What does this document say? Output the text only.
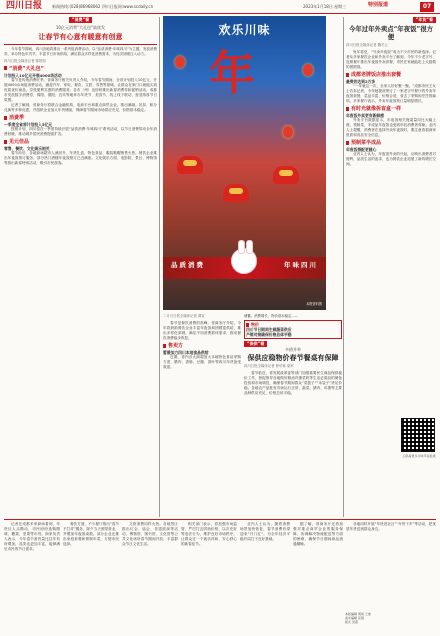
四川日报 新闻热线:(028)86968062 四川日报网:www.scdaily.cn	2023年1月18日 星期三	特别报道	07
“消费”看
10亿元消费“大礼包”陆续发
让春节有心意有暖意有创意

今年春节期间，四川各地将推出一系列促消费活动，以“品质消费·年味四川”为主题，发放消费券，举办特色年货节，丰富节日市场供给，满足群众多样化消费需求，为经济回暖注入动力。

四川日报全媒体记者 陈婷如
“消费”大礼包”
计划投入10亿元开展4000场活动

春节是传统消费旺季。省商务厅相关负责人介绍，今年春节期间，全省计划投入10亿元，开展4000余场促消费活动，涵盖汽车、家电、餐饮、文旅、零售等领域，让群众在家门口就能买到优质优价商品，享受便利实惠的消费服务。各市（州）也纷纷推出新春消费券和促销活动，成都市发放数字消费券，绵阳、德阳、宜宾等地举办年货节、美食节，线上线下联动，营造浓厚节日氛围。

记者了解到，省商务厅将联合金融机构、电商平台和重点商贸企业，推出满减、折扣、积分兑换等多种优惠，并组织企业加大年货储备，保障春节期间市场供应充足、价格基本稳定。

消费季
一季度全省将计划投入5亿元

按照计划，四川将在一季度持续开展“品质消费·年味四川”系列活动，以节日消费带动全年消费回暖，推动城乡居民消费提质扩容。

见元佳品
零售、餐饮、文化娱乐相关

春节前后，各地商场超市人流回升，年货礼盒、特色食品、服装鞋帽销售火热。餐饮企业推出年夜饭预订服务，部分热门酒楼年夜饭预订已近满座。文化娱乐方面，电影院、景区、博物馆等推出新春特别活动，吸引市民游客。

欢乐川味
年
品质消费	年味四川
本报资料图
二月川日报全媒体记者 谭宣

春节是餐饮消费的高峰。省商务厅介绍，今年将鼓励餐饮企业丰富年夜饭和团圆宴供给，推出多样化套餐，满足不同消费群体需求，推动餐饮消费稳步恢复。

售卖方
暂缓加力四川本地食品供给

近期，省内各大商超加大本地特色食品采购力度，腊肉、香肠、豆瓣、茶叶等四川年货备受欢迎。

储蓄、消费增长、物价基本稳定……
物价
四川节日期间生鲜蔬菜供应
产销对接确保价格总体平稳
“保供”看
多措并举
保供应稳物价春节餐桌有保障
四川日报全媒体记者 钟华林 梁军

春节临近，省发展改革委等部门加强重要民生商品保供稳价工作，督促指导各地做好粮油肉蛋菜奶等生活必需品的储备投放和市场调控，确保春节期间群众“菜篮子”“米袋子”货足价稳。各地农产品批发市场运行正常，蔬菜、猪肉、鸡蛋等主要品种供应充足，价格总体平稳。

“年货”看
今年过年外卖点“年夜饭”很方便
四川日报全媒体记者 魏冬云

兔年将至，“外卖年夜饭”成为不少市民的新选择。记者从多家餐饮企业和外卖平台了解到，今年不少老字号、连锁餐厅推出年夜饭外卖套餐，市民在家就能吃上大厨做的团圆饭。

成都老牌饭店推出套餐
最贵的达到2万多

“一年就这一次，全家人好好聚一聚。”成都市民王女士告诉记者，今年她提前预订了一家老字号餐厅的外卖年夜饭套餐，菜品丰富、价格合适，省去了采购和烹饪的麻烦。多家餐厅表示，外卖年夜饭预订量明显增长。

有时光就像拆盲盒一样
年夜饭外卖更有新鲜感

外卖平台数据显示，年夜饭相关搜索量同比大幅上涨，预制菜、半成品年夜饭也受到年轻消费者青睐。业内人士提醒，消费者在选择外卖年夜饭时，要注意查看商家资质和食品安全信息。

预制菜半成品
年夜饭搭配更随心

业内人士认为，年夜饭外卖的兴起，反映出消费者对便利、品质生活的追求，也为餐饮企业拓展了新的增长空间。

扫码看更多川味年俗报道

记者在成都多家商场看到，年货区人头攒动，市民纷纷选购腊味、糖果、坚果等年货。商家负责人表示，今年春节备货量比往年有所增加，品类也更加丰富，能够满足市民的节日需求。

餐饮方面，不少餐厅推出“春节不打烊”服务，除夕当天照常营业，并增加年夜饭桌数。部分企业还推出家庭套餐和预制年菜，方便市民选择。

文旅消费同样火热。各地景区推出灯会、庙会、非遗展演等活动，博物馆、图书馆、文化馆等公共文化场所春节期间开放，丰富群众节日文化生活。

相关部门表示，将加强市场监管，严厉打击哄抬价格、以次充好等违法行为，维护良好市场秩序，让群众过一个欢乐祥和、安心舒心的新春佳节。

业内人士认为，随着消费场景加快恢复，春节消费有望迎来“开门红”，为全年经济平稳开局打下良好基础。

据了解，省商务厅还将加强对重点商贸企业的服务保障，协调解决物流配送等方面的困难，确保节日期间商品流通顺畅。

各地同时开展“年货进社区”“年货下乡”等活动，把优质年货送到群众身边。

本版编辑 周雨 王奎
美术编辑 张强
版式 吴燕
